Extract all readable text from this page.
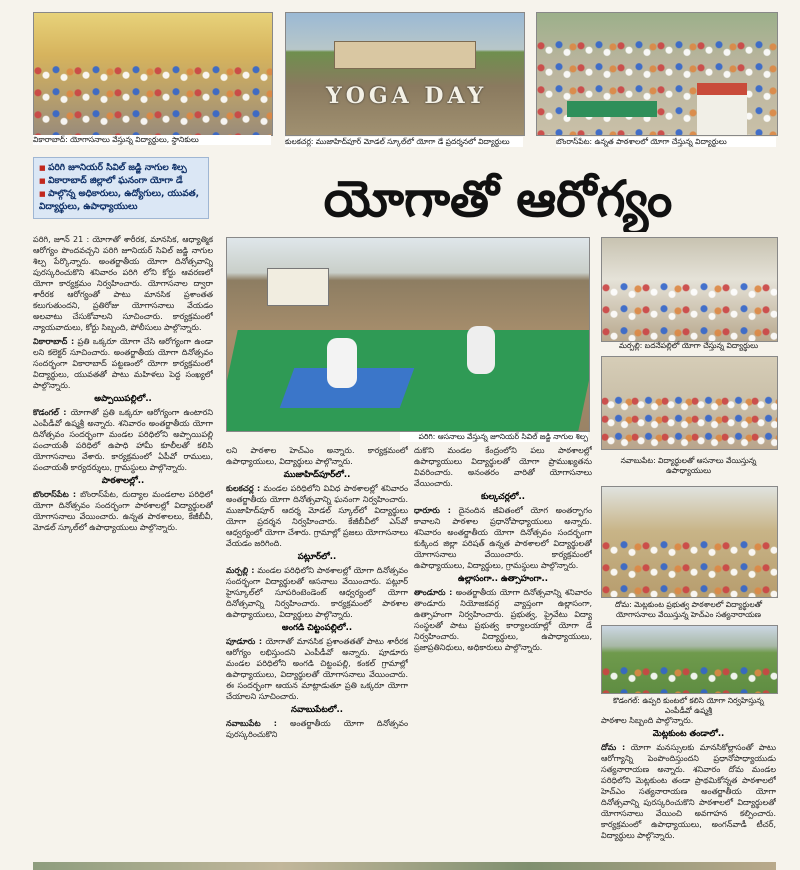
వికారాబాద్‌: యోగాసనాలు వేస్తున్న విద్యార్థులు, స్థానికులు
YOGA DAY
కులకచర్ల: ముజాహిద్‌పూర్‌ మోడల్‌ స్కూల్‌లో యోగా డే ప్రదర్శనలో విద్యార్థులు	బొంరాస్‌పేట: ఉన్నత పాఠశాలలో యోగా చేస్తున్న విద్యార్థులు
■ పరిగి జూనియర్‌ సివిల్‌ జడ్జి నాగుల శిల్ప
■ వికారాబాద్‌ జిల్లాలో ఘనంగా యోగా డే
■ పాల్గొన్న అధికారులు, ఉద్యోగులు, యువత, విద్యార్థులు, ఉపాధ్యాయులు	యోగాతో ఆరోగ్యం
పరిగి: ఆసనాలు వేస్తున్న జూనియర్‌ సివిల్‌ జడ్జి నాగుల శిల్ప
మర్పల్లి: బదనేపల్లిలో యోగా చేస్తున్న విద్యార్థులు
నవాబుపేట: విద్యార్థులతో ఆసనాలు వేయిస్తున్న ఉపాధ్యాయులు
దోమ: మెట్లకుంట ప్రభుత్వ పాఠశాలలో విద్యార్థులతో యోగాసనాలు వేయిస్తున్న హెచ్‌ఎం సత్యనారాయణ
కొడంగల్‌: ఉప్పరి కుంటలో కలిసి యోగా నిర్వహిస్తున్న ఎంపీడీవో ఉష్మశ్రీ

పరిగి, జూన్‌ 21 : యోగాతో శారీరక, మానసిక, ఆధ్యాత్మిక ఆరోగ్యం పొందవచ్చని పరిగి జూనియర్‌ సివిల్‌ జడ్జి నాగుల శిల్ప పేర్కొన్నారు. అంతర్జాతీయ యోగా దినోత్సవాన్ని పురస్కరించుకొని శనివారం పరిగి లోని కోర్టు ఆవరణలో యోగా కార్యక్రమం నిర్వహించారు. యోగాసనాల ద్వారా శారీరక ఆరోగ్యంతో పాటు మానసిక ప్రశాంతత కలుగుతుందని, ప్రతిరోజు యోగాసనాలు వేయడం అలవాటు చేసుకోవాలని సూచించారు. కార్యక్రమంలో న్యాయవాదులు, కోర్టు సిబ్బంది, పోలీసులు పాల్గొన్నారు.

వికారాబాద్‌ : ప్రతి ఒక్కరూ యోగా చేసి ఆరోగ్యంగా ఉండా లని కలెక్టర్‌ సూచించారు. అంతర్జాతీయ యోగా దినోత్సవం సందర్భంగా వికారాబాద్‌ పట్టణంలో యోగా కార్యక్రమంలో విద్యార్థులు, యువతతో పాటు మహిళలు పెద్ద సంఖ్యలో పాల్గొన్నారు.

అప్పాయిపల్లిలో..

కొడంగల్‌ : యోగాతో ప్రతి ఒక్కరూ ఆరోగ్యంగా ఉంటారని ఎంపీడీవో ఉష్మశ్రీ అన్నారు. శనివారం అంతర్జాతీయ యోగా దినోత్సవం సందర్భంగా మండల పరిధిలోని అప్పాయిపల్లి పంచాయతీ పరిధిలో ఉపాధి హామీ కూలీలతో కలిసి యోగాసనాలు వేశారు. కార్యక్రమంలో ఏపీవో రాములు, పంచాయతీ కార్యదర్శులు, గ్రామస్థులు పాల్గొన్నారు.

పాఠశాలల్లో..

బొంరాస్‌పేట : బొంరాస్‌పేట, దుద్యాల మండలాల పరిధిలో యోగా దినోత్సవం సందర్భంగా పాఠశాలల్లో విద్యార్థులతో యోగాసనాలు వేయించారు. ఉన్నత పాఠశాలలు, కేజీబీవీ, మోడల్‌ స్కూల్‌లో ఉపాధ్యాయులు పాల్గొన్నారు.

లని పాఠశాల హెచ్‌ఎం అన్నారు. కార్యక్రమంలో ఉపాధ్యాయులు, విద్యార్థులు పాల్గొన్నారు.

ముజాహిద్‌పూర్‌లో..

కులకచర్ల : మండల పరిధిలోని వివిధ పాఠశాలల్లో శనివారం అంతర్జాతీయ యోగా దినోత్సవాన్ని ఘనంగా నిర్వహించారు. ముజాహిద్‌పూర్‌ ఆదర్శ మోడల్‌ స్కూల్‌లో విద్యార్థులు యోగా ప్రదర్శన నిర్వహించారు. కేజీబీవీలో ఎస్‌వో ఆధ్వర్యంలో యోగా చేశారు. గ్రామాల్లో ప్రజలు యోగాసనాలు వేయడం జరిగింది.

పట్లూర్‌లో..

మర్పల్లి : మండల పరిధిలోని పాఠశాలల్లో యోగా దినోత్సవం సందర్భంగా విద్యార్థులతో ఆసనాలు వేయించారు. పట్లూర్‌ హైస్కూల్‌లో సూపరింటెండెంట్‌ ఆధ్వర్యంలో యోగా దినోత్సవాన్ని నిర్వహించారు. కార్యక్రమంలో పాఠశాల ఉపాధ్యాయులు, విద్యార్థులు పాల్గొన్నారు.

అంగడి చిట్టంపల్లిలో..

పూడూరు : యోగాతో మానసిక ప్రశాంతతతో పాటు శారీరక ఆరోగ్యం లభిస్తుందని ఎంపీడీవో అన్నారు. పూడూరు మండల పరిధిలోని అంగడి చిట్టంపల్లి, కంకల్‌ గ్రామాల్లో ఉపాధ్యాయులు, విద్యార్థులతో యోగాసనాలు వేయించారు. ఈ సందర్భంగా ఆయన మాట్లాడుతూ ప్రతి ఒక్కరూ యోగా చేయాలని సూచించారు.

నవాబుపేటలో..

నవాబుపేట : అంతర్జాతీయ యోగా దినోత్సవం పురస్కరించుకొని

దుకొని మండల కేంద్రంలోని పలు పాఠశాలల్లో ఉపాధ్యాయులు విద్యార్థులతో యోగా ప్రాముఖ్యతను వివరించారు. అనంతరం వారితో యోగాసనాలు వేయించారు.

కుల్కచర్లలో..

ధారూరు : దైనందిన జీవితంలో యోగ అంతర్భాగం కావాలని పాఠశాల ప్రధానోపాధ్యాయులు అన్నారు. శనివారం అంతర్జాతీయ యోగా దినోత్సవం సందర్భంగా కుక్కింద జిల్లా పరిషత్‌ ఉన్నత పాఠశాలలో విద్యార్థులతో యోగాసనాలు వేయించారు. కార్యక్రమంలో ఉపాధ్యాయులు, విద్యార్థులు, గ్రామస్థులు పాల్గొన్నారు.

ఉల్లాసంగా.. ఉత్సాహంగా..

తాండూరు : అంతర్జాతీయ యోగా దినోత్సవాన్ని శనివారం తాండూరు నియోజకవర్గ వ్యాప్తంగా ఉల్లాసంగా, ఉత్సాహంగా నిర్వహించారు. ప్రభుత్వ, ప్రైవేటు విద్యా సంస్థలతో పాటు ప్రభుత్వ కార్యాలయాల్లో యోగా డే నిర్వహించారు. విద్యార్థులు, ఉపాధ్యాయులు, ప్రజాప్రతినిధులు, అధికారులు పాల్గొన్నారు.

పాఠశాల సిబ్బంది పాల్గొన్నారు.

మెట్లకుంట తండాలో..

దోమ : యోగా మనస్సులకు మానసికోల్లాసంతో పాటు ఆరోగ్యాన్ని పెంపొందిస్తుందని ప్రధానోపాధ్యాయుడు సత్యనారాయణ అన్నారు. శనివారం దోమ మండల పరిధిలోని మెట్లకుంట తండా ప్రాథమికోన్నత పాఠశాలలో హెచ్‌ఎం సత్యనారాయణ అంతర్జాతీయ యోగా దినోత్సవాన్ని పురస్కరించుకొని పాఠశాలలో విద్యార్థులతో యోగాసనాలు వేయించి అవగాహన కల్పించారు. కార్యక్రమంలో ఉపాధ్యాయులు, అంగన్‌వాడీ టీచర్‌, విద్యార్థులు పాల్గొన్నారు.
